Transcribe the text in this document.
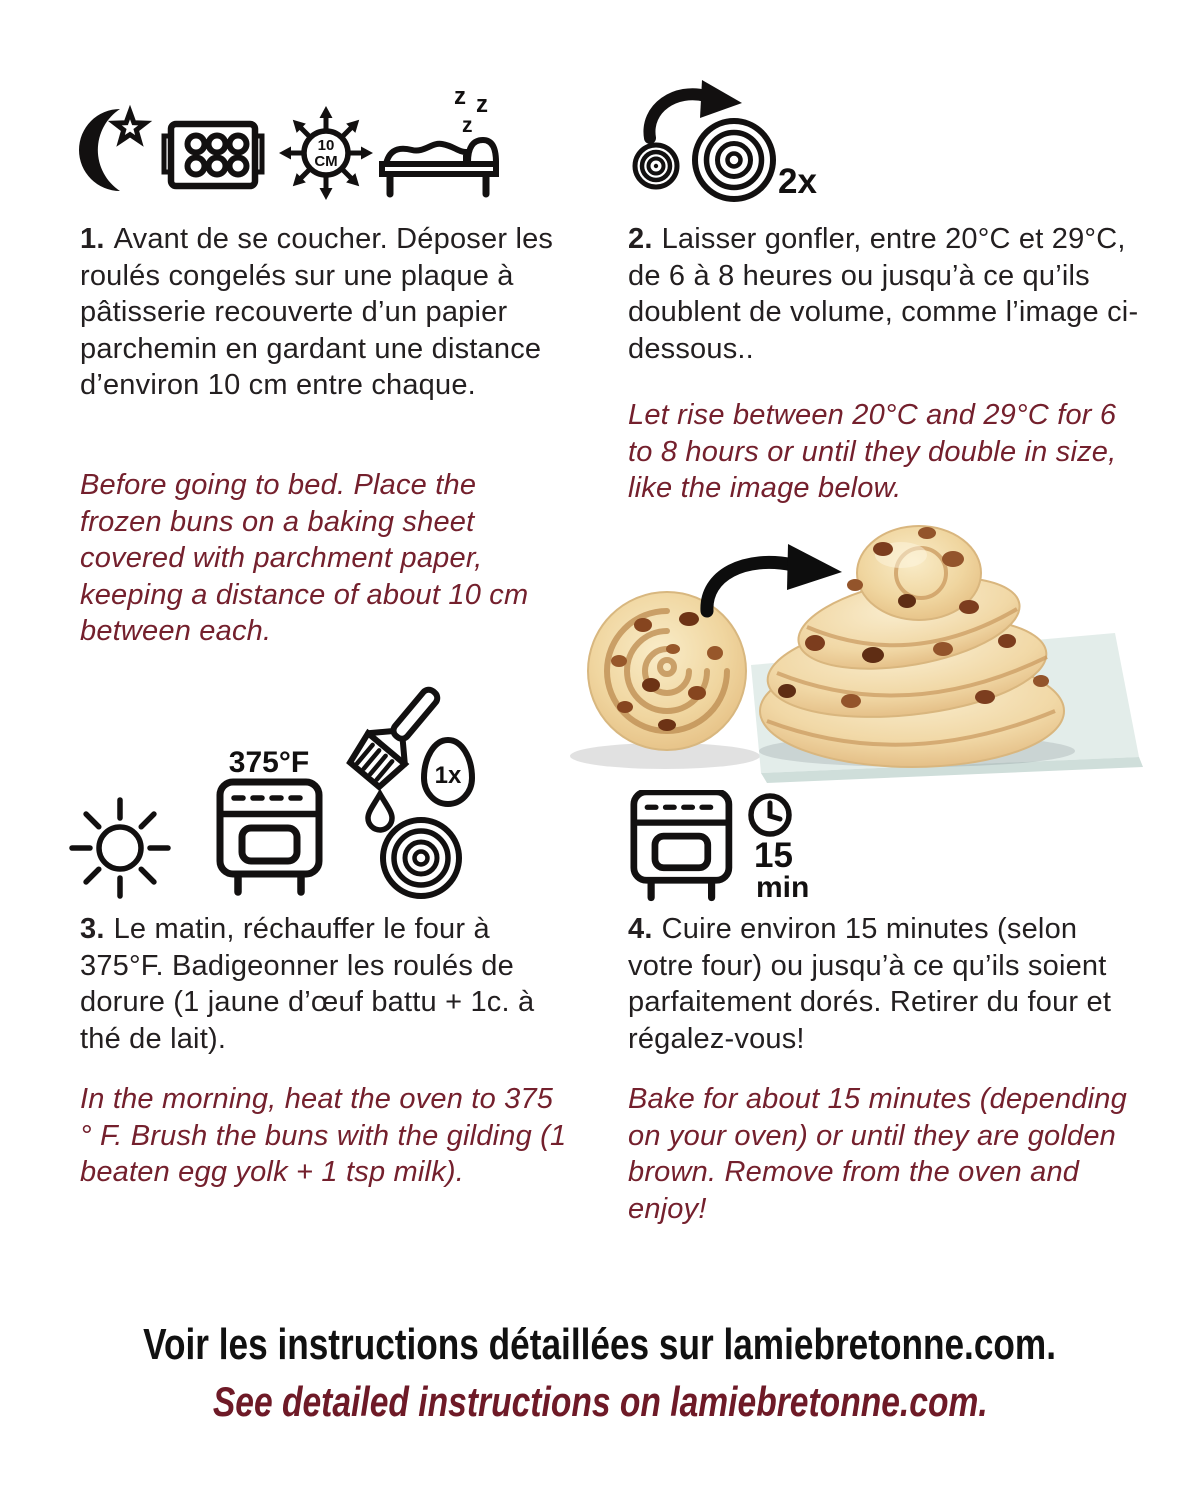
10
CM
z z
z
2x

1. Avant de se coucher. Déposer les roulés congelés sur une plaque à pâtisserie recouverte d’un papier parchemin en gardant une distance d’environ 10 cm entre chaque.

Before going to bed. Place the frozen buns on a baking sheet covered with parchment paper, keeping a distance of about 10 cm between each.

2. Laisser gonfler, entre 20°C et 29°C, de 6 à 8 heures ou jusqu’à ce qu’ils doublent de volume, comme l’image ci-dessous..

Let rise between 20°C and 29°C for 6 to 8 hours or until they double in size, like the image below.

375°F	1x
15
min

3. Le matin, réchauffer le four à 375°F. Badigeonner les roulés de dorure (1 jaune d’œuf battu + 1c. à thé de lait).

In the morning, heat the oven to 375 ° F. Brush the buns with the gilding (1 beaten egg yolk + 1 tsp milk).

4. Cuire environ 15 minutes (selon votre four) ou jusqu’à ce qu’ils soient parfaitement dorés. Retirer du four et régalez-vous!

Bake for about 15 minutes (depending on your oven) or until they are golden brown. Remove from the oven and enjoy!

Voir les instructions détaillées sur lamiebretonne.com.
See detailed instructions on lamiebretonne.com.
